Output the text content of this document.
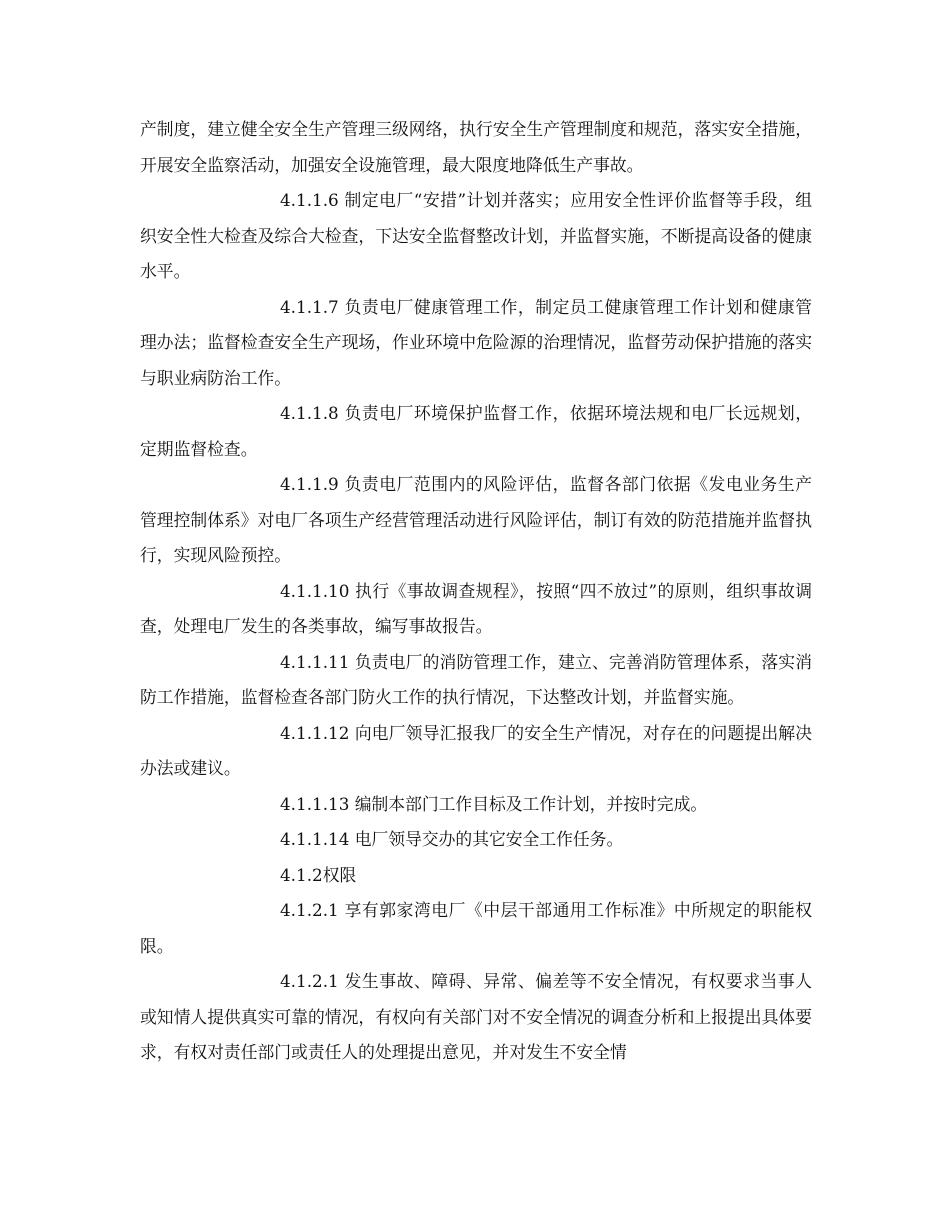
产制度，建立健全安全生产管理三级网络，执行安全生产管理制度和规范，落实安全措施，开展安全监察活动，加强安全设施管理，最大限度地降低生产事故。

4.1.1.6 制定电厂“安措”计划并落实；应用安全性评价监督等手段，组织安全性大检查及综合大检查，下达安全监督整改计划，并监督实施，不断提高设备的健康水平。

4.1.1.7 负责电厂健康管理工作，制定员工健康管理工作计划和健康管理办法；监督检查安全生产现场，作业环境中危险源的治理情况，监督劳动保护措施的落实与职业病防治工作。

4.1.1.8 负责电厂环境保护监督工作，依据环境法规和电厂长远规划，定期监督检查。

4.1.1.9 负责电厂范围内的风险评估，监督各部门依据《发电业务生产管理控制体系》对电厂各项生产经营管理活动进行风险评估，制订有效的防范措施并监督执行，实现风险预控。

4.1.1.10 执行《事故调查规程》，按照“四不放过”的原则，组织事故调查，处理电厂发生的各类事故，编写事故报告。

4.1.1.11 负责电厂的消防管理工作，建立、完善消防管理体系，落实消防工作措施，监督检查各部门防火工作的执行情况，下达整改计划，并监督实施。

4.1.1.12 向电厂领导汇报我厂的安全生产情况，对存在的问题提出解决办法或建议。

4.1.1.13 编制本部门工作目标及工作计划，并按时完成。

4.1.1.14 电厂领导交办的其它安全工作任务。

4.1.2权限

4.1.2.1 享有郭家湾电厂《中层干部通用工作标准》中所规定的职能权限。

4.1.2.1 发生事故、障碍、异常、偏差等不安全情况，有权要求当事人或知情人提供真实可靠的情况，有权向有关部门对不安全情况的调查分析和上报提出具体要求，有权对责任部门或责任人的处理提出意见，并对发生不安全情
